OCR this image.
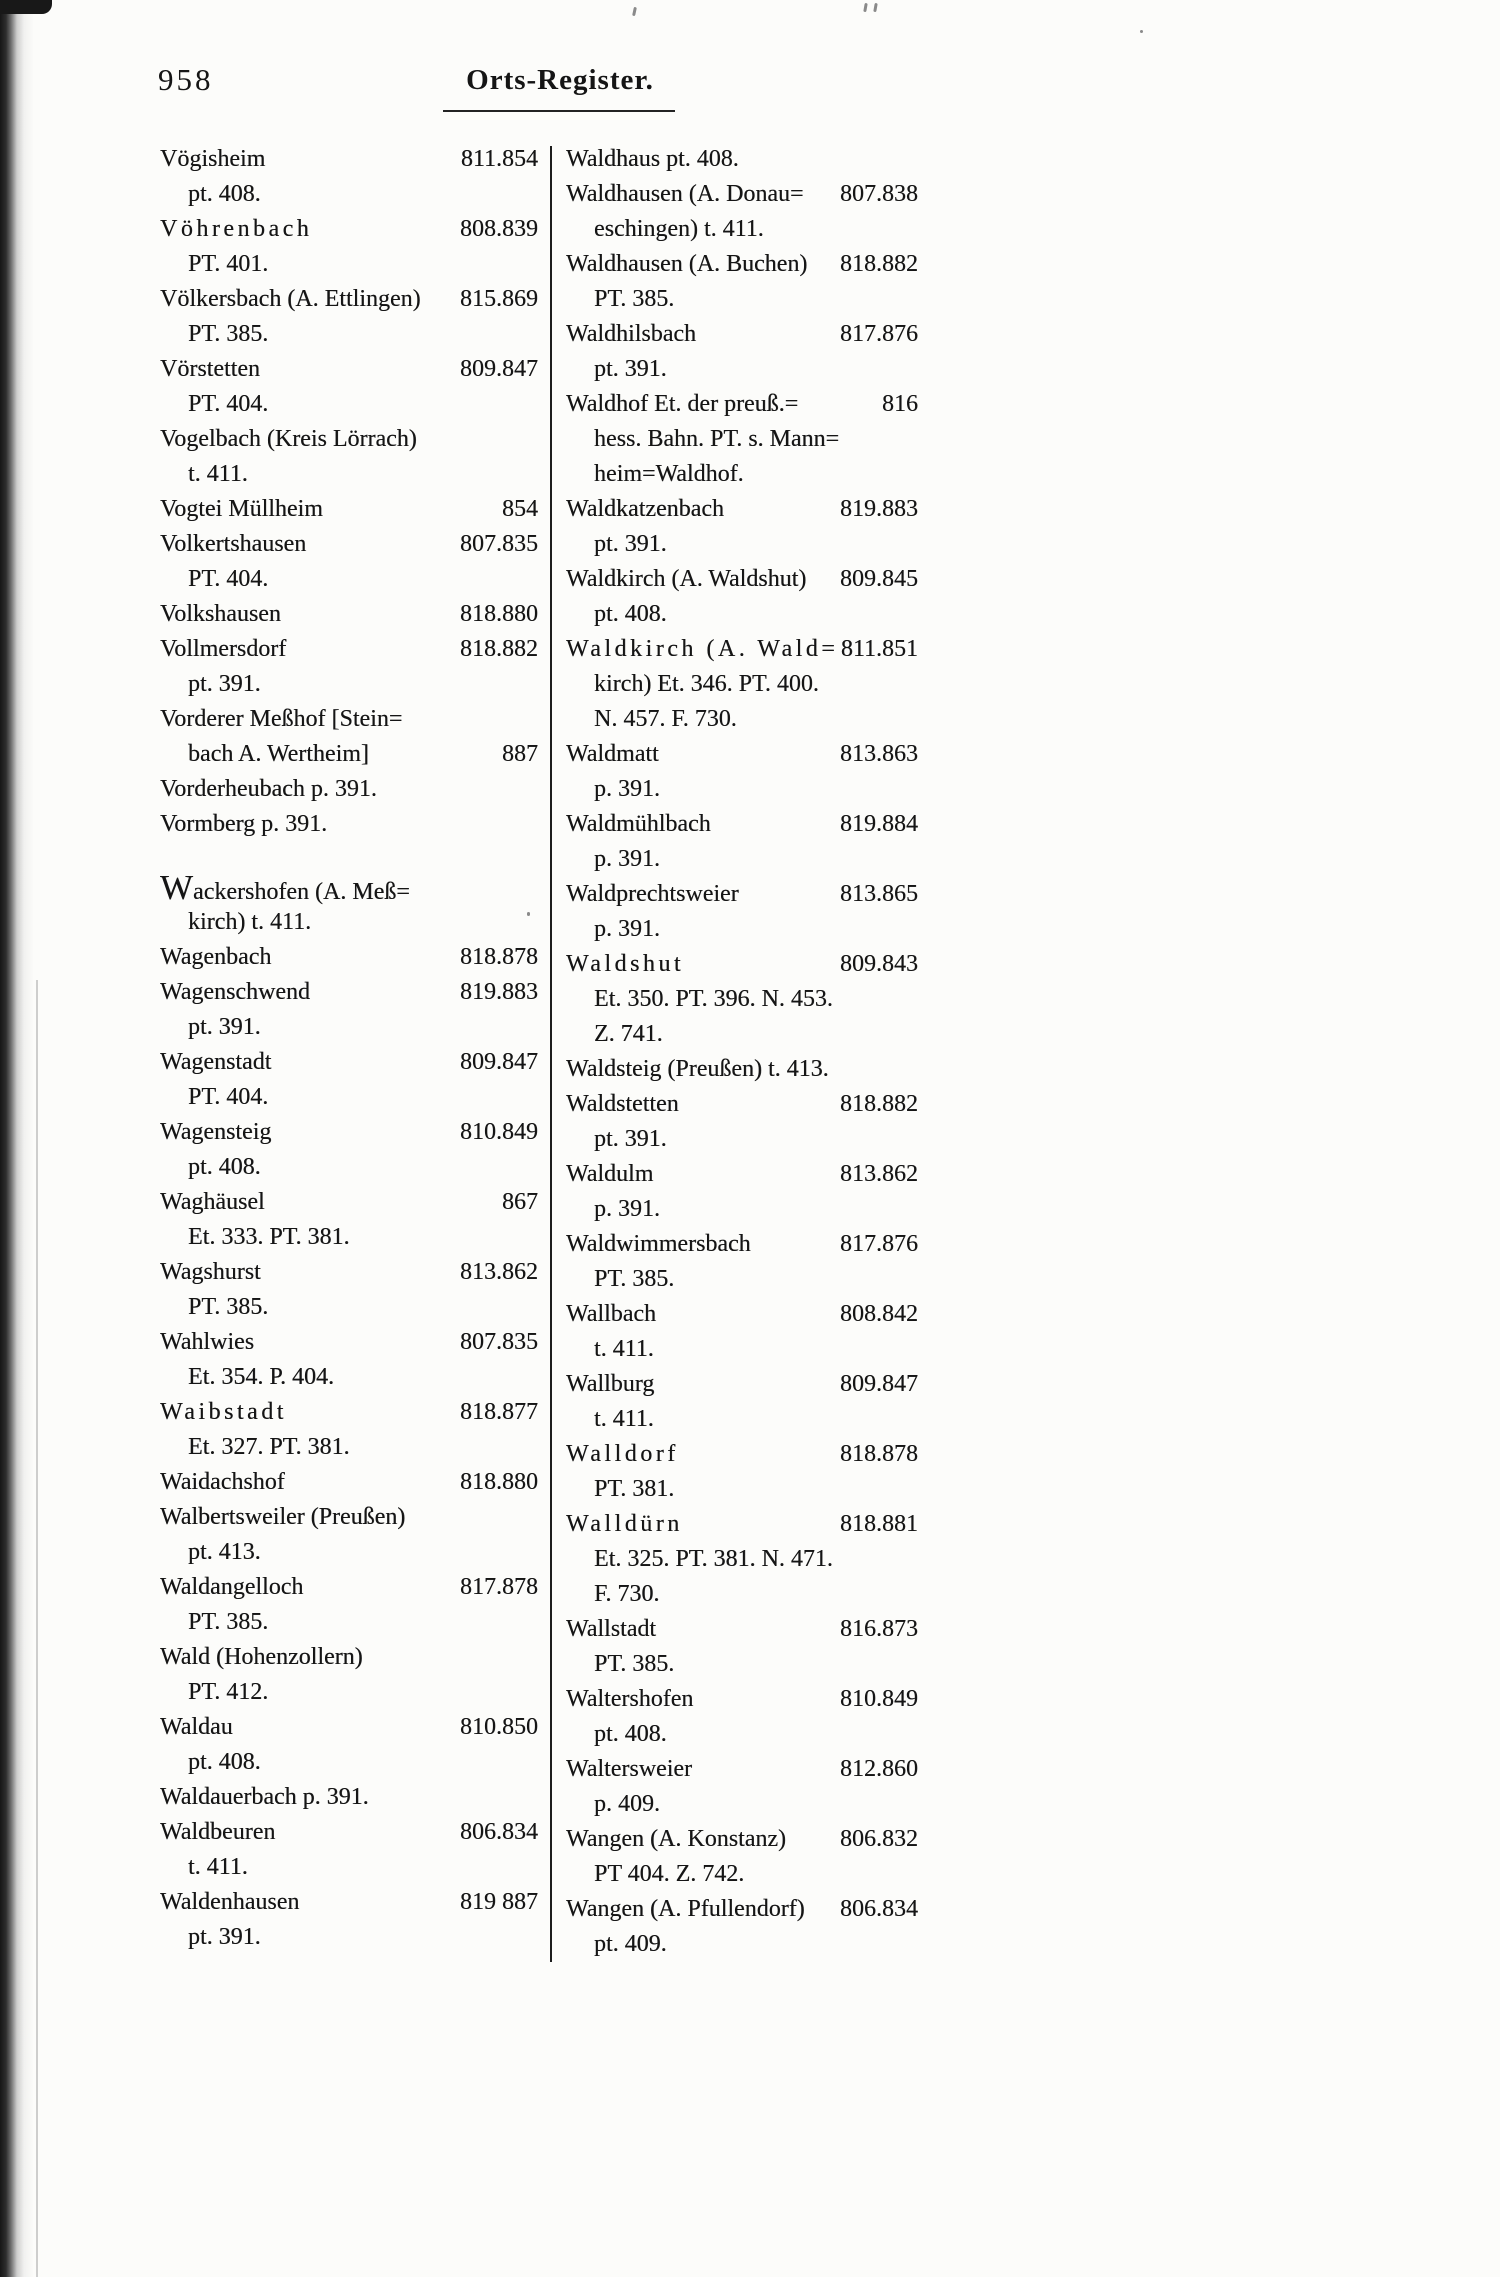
958	Orts-Register.
Vögisheim	811.854
pt. 408.
Vöhrenbach	808.839
PT. 401.
Völkersbach (A. Ettlingen) 815.869
PT. 385.
Vörstetten	809.847
PT. 404.
Vogelbach (Kreis Lörrach)
t. 411.
Vogtei Müllheim	854
Volkertshausen	807.835
PT. 404.
Volkshausen	818.880
Vollmersdorf	818.882
pt. 391.
Vorderer Meßhof [Stein=
bach A. Wertheim]	887
Vorderheubach p. 391.
Vormberg p. 391.
Wackershofen (A. Meß=
kirch) t. 411.
Wagenbach	818.878
Wagenschwend	819.883
pt. 391.
Wagenstadt	809.847
PT. 404.
Wagensteig	810.849
pt. 408.
Waghäusel	867
Et. 333. PT. 381.
Wagshurst	813.862
PT. 385.
Wahlwies	807.835
Et. 354. P. 404.
Waibstadt	818.877
Et. 327. PT. 381.
Waidachshof	818.880
Walbertsweiler (Preußen)
pt. 413.
Waldangelloch	817.878
PT. 385.
Wald (Hohenzollern)
PT. 412.
Waldau	810.850
pt. 408.
Waldauerbach p. 391.
Waldbeuren	806.834
t. 411.
Waldenhausen	819 887
pt. 391.
Waldhaus pt. 408.
Waldhausen (A. Donau= 807.838
eschingen) t. 411.
Waldhausen (A. Buchen) 818.882
PT. 385.
Waldhilsbach	817.876
pt. 391.
Waldhof Et. der preuß.=	816
hess. Bahn. PT. s. Mann=
heim=Waldhof.
Waldkatzenbach	819.883
pt. 391.
Waldkirch (A. Waldshut) 809.845
pt. 408.
Waldkirch (A. Wald= 811.851
kirch) Et. 346. PT. 400.
N. 457. F. 730.
Waldmatt	813.863
p. 391.
Waldmühlbach	819.884
p. 391.
Waldprechtsweier	813.865
p. 391.
Waldshut	809.843
Et. 350. PT. 396. N. 453.
Z. 741.
Waldsteig (Preußen) t. 413.
Waldstetten	818.882
pt. 391.
Waldulm	813.862
p. 391.
Waldwimmersbach	817.876
PT. 385.
Wallbach	808.842
t. 411.
Wallburg	809.847
t. 411.
Walldorf	818.878
PT. 381.
Walldürn	818.881
Et. 325. PT. 381. N. 471.
F. 730.
Wallstadt	816.873
PT. 385.
Waltershofen	810.849
pt. 408.
Waltersweier	812.860
p. 409.
Wangen (A. Konstanz) 806.832
PT 404. Z. 742.
Wangen (A. Pfullendorf) 806.834
pt. 409.
